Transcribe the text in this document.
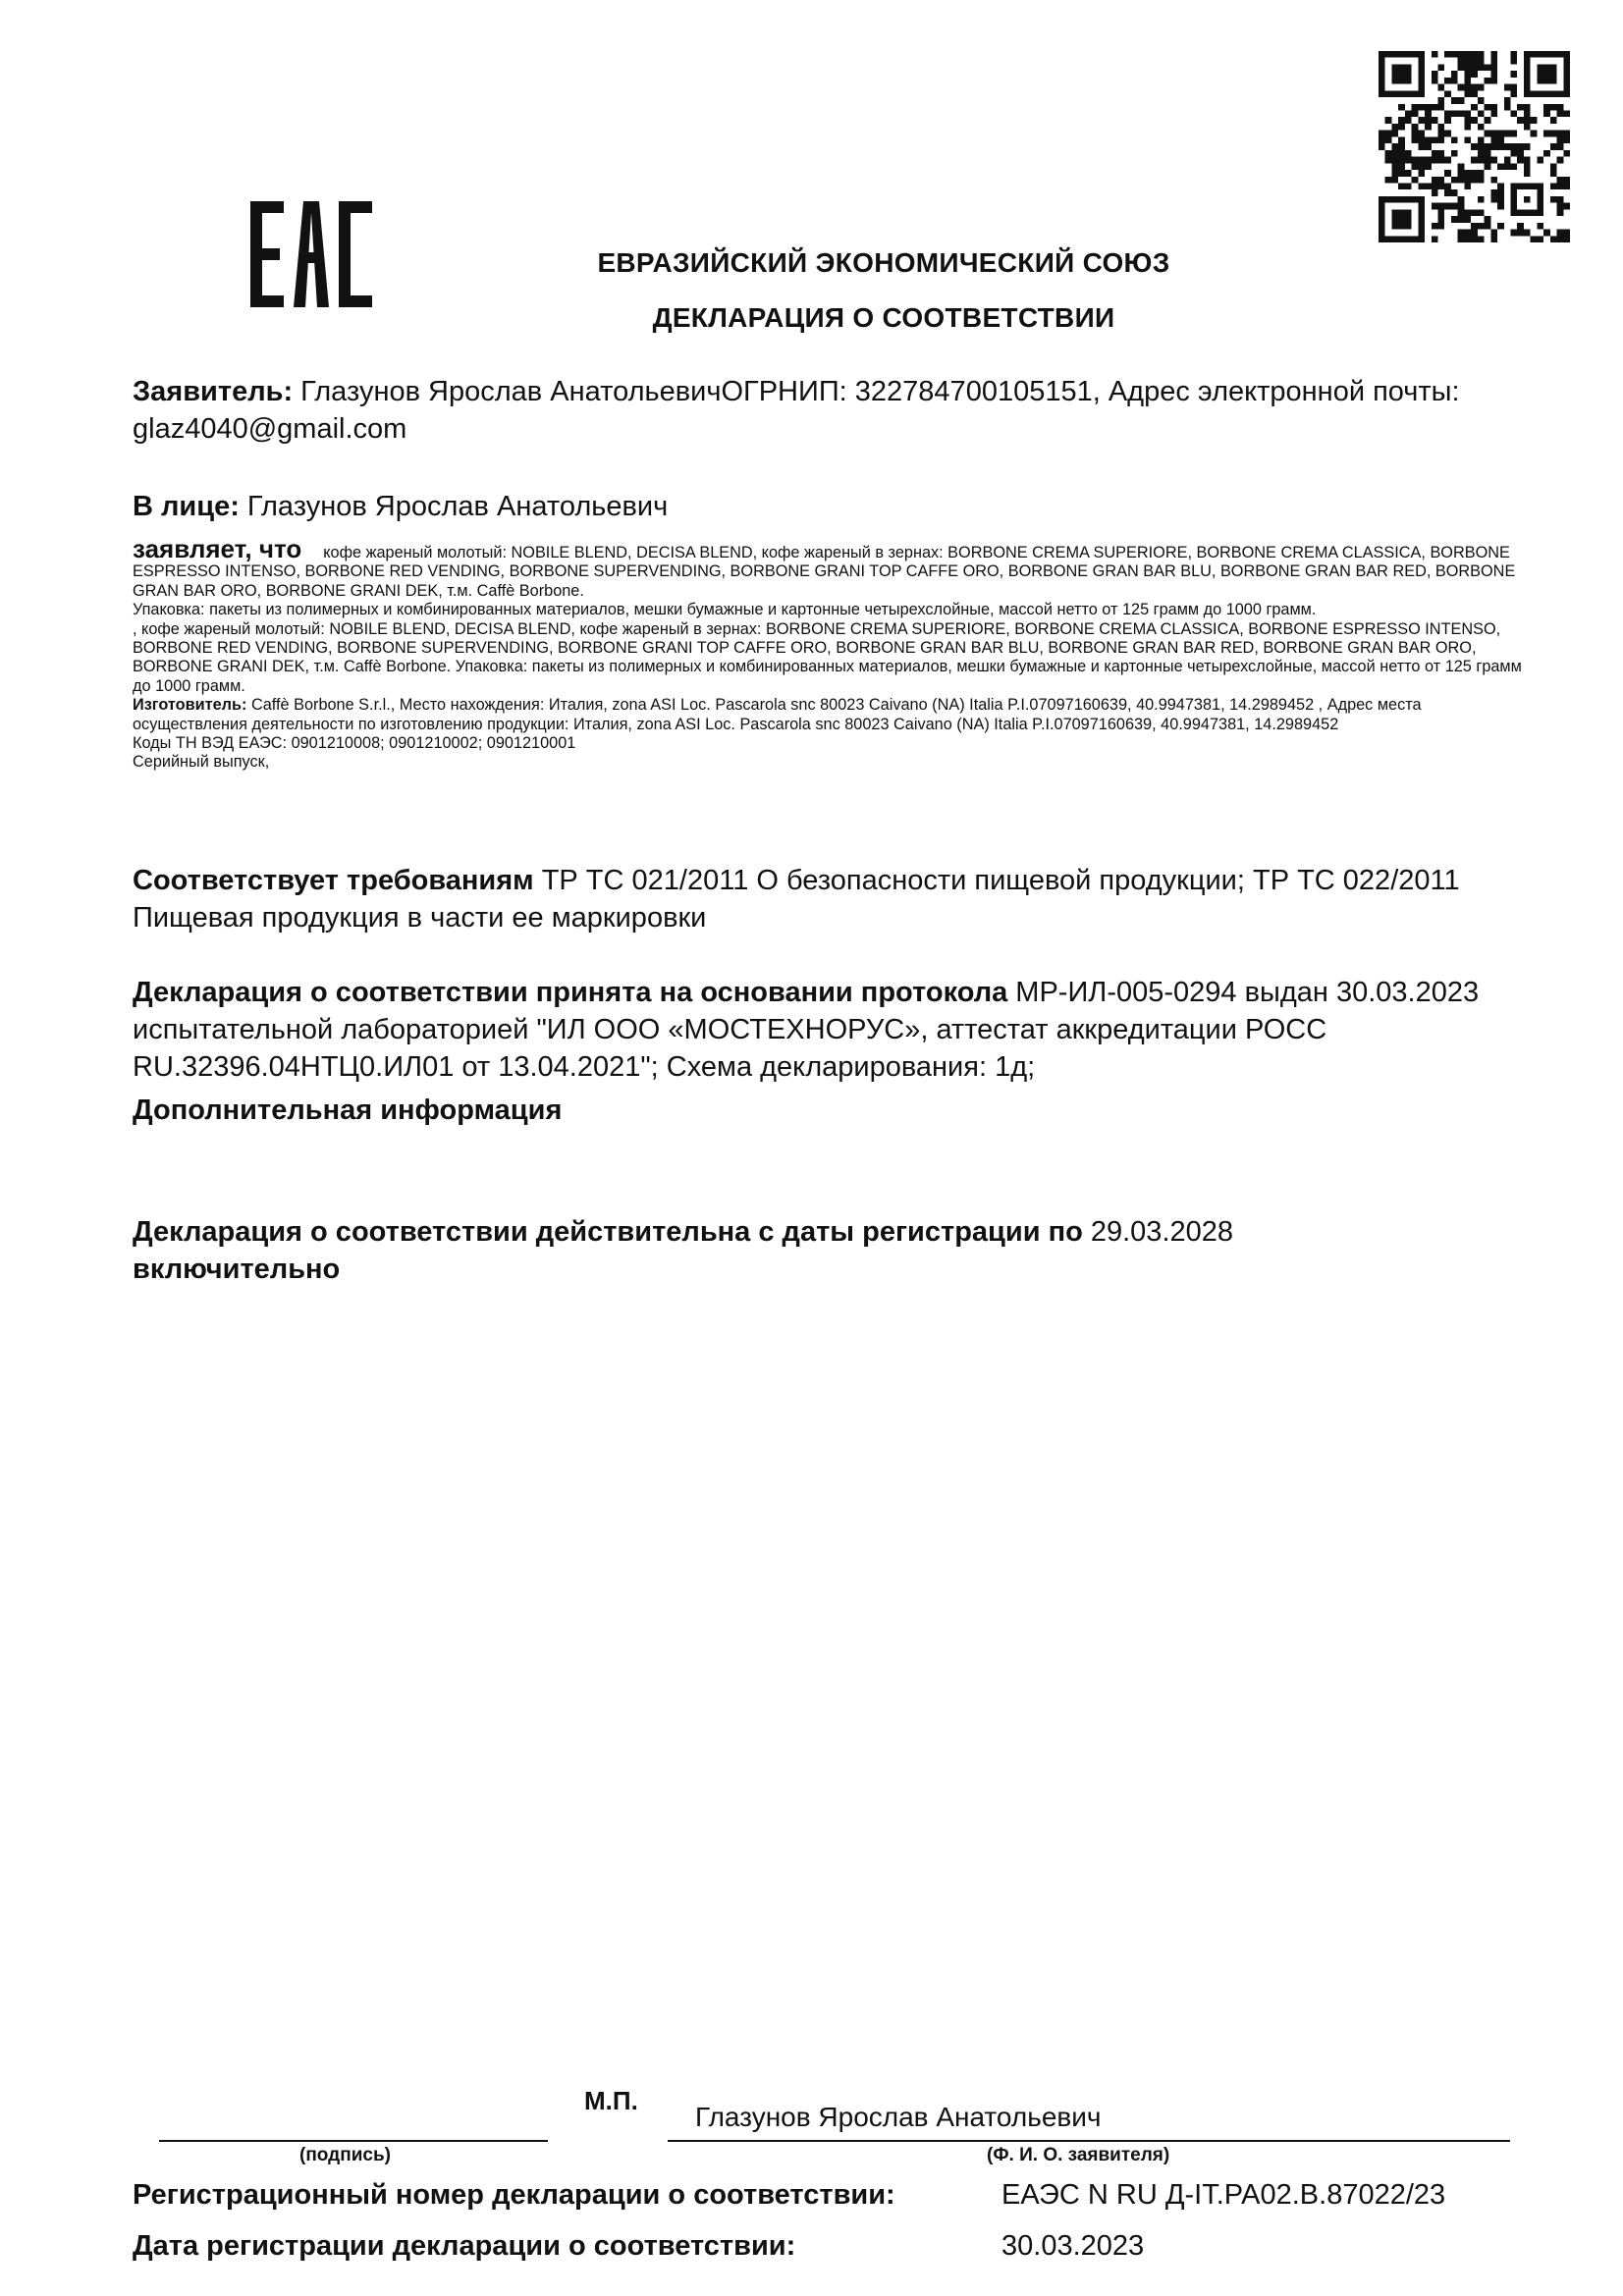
ЕВРАЗИЙСКИЙ ЭКОНОМИЧЕСКИЙ СОЮЗ
ДЕКЛАРАЦИЯ О СООТВЕТСТВИИ
Заявитель: Глазунов Ярослав АнатольевичОГРНИП: 322784700105151, Адрес электронной почты: glaz4040@gmail.com
В лице: Глазунов Ярослав Анатольевич

заявляет, что кофе жареный молотый: NOBILE BLEND, DECISA BLEND, кофе жареный в зернах: BORBONE CREMA SUPERIORE, BORBONE CREMA CLASSICA, BORBONE ESPRESSO INTENSO, BORBONE RED VENDING, BORBONE SUPERVENDING, BORBONE GRANI TOP CAFFE ORO, BORBONE GRAN BAR BLU, BORBONE GRAN BAR RED, BORBONE GRAN BAR ORO, BORBONE GRANI DEK, т.м. Caffè Borbone.

Упаковка: пакеты из полимерных и комбинированных материалов, мешки бумажные и картонные четырехслойные, массой нетто от 125 грамм до 1000 грамм.

, кофе жареный молотый: NOBILE BLEND, DECISA BLEND, кофе жареный в зернах: BORBONE CREMA SUPERIORE, BORBONE CREMA CLASSICA, BORBONE ESPRESSO INTENSO, BORBONE RED VENDING, BORBONE SUPERVENDING, BORBONE GRANI TOP CAFFE ORO, BORBONE GRAN BAR BLU, BORBONE GRAN BAR RED, BORBONE GRAN BAR ORO, BORBONE GRANI DEK, т.м. Caffè Borbone. Упаковка: пакеты из полимерных и комбинированных материалов, мешки бумажные и картонные четырехслойные, массой нетто от 125 грамм до 1000 грамм.

Изготовитель: Caffè Borbone S.r.l., Место нахождения: Италия, zona ASI Loc. Pascarola snc 80023 Caivano (NA) Italia P.I.07097160639, 40.9947381, 14.2989452 , Адрес места осуществления деятельности по изготовлению продукции: Италия, zona ASI Loc. Pascarola snc 80023 Caivano (NA) Italia P.I.07097160639, 40.9947381, 14.2989452

Коды ТН ВЭД ЕАЭС: 0901210008; 0901210002; 0901210001

Серийный выпуск,

Соответствует требованиям ТР ТС 021/2011 О безопасности пищевой продукции; ТР ТС 022/2011 Пищевая продукция в части ее маркировки
Декларация о соответствии принята на основании протокола МР-ИЛ-005-0294 выдан 30.03.2023 испытательной лабораторией "ИЛ ООО «МОСТЕХНОРУС», аттестат аккредитации РОСС RU.32396.04НТЦ0.ИЛ01 от 13.04.2021"; Схема декларирования: 1д;
Дополнительная информация
Декларация о соответствии действительна с даты регистрации по 29.03.2028
включительно
М.П.
Глазунов Ярослав Анатольевич
(подпись)	(Ф. И. О. заявителя)
Регистрационный номер декларации о соответствии:	ЕАЭС N RU Д-IT.РА02.В.87022/23
Дата регистрации декларации о соответствии:	30.03.2023
